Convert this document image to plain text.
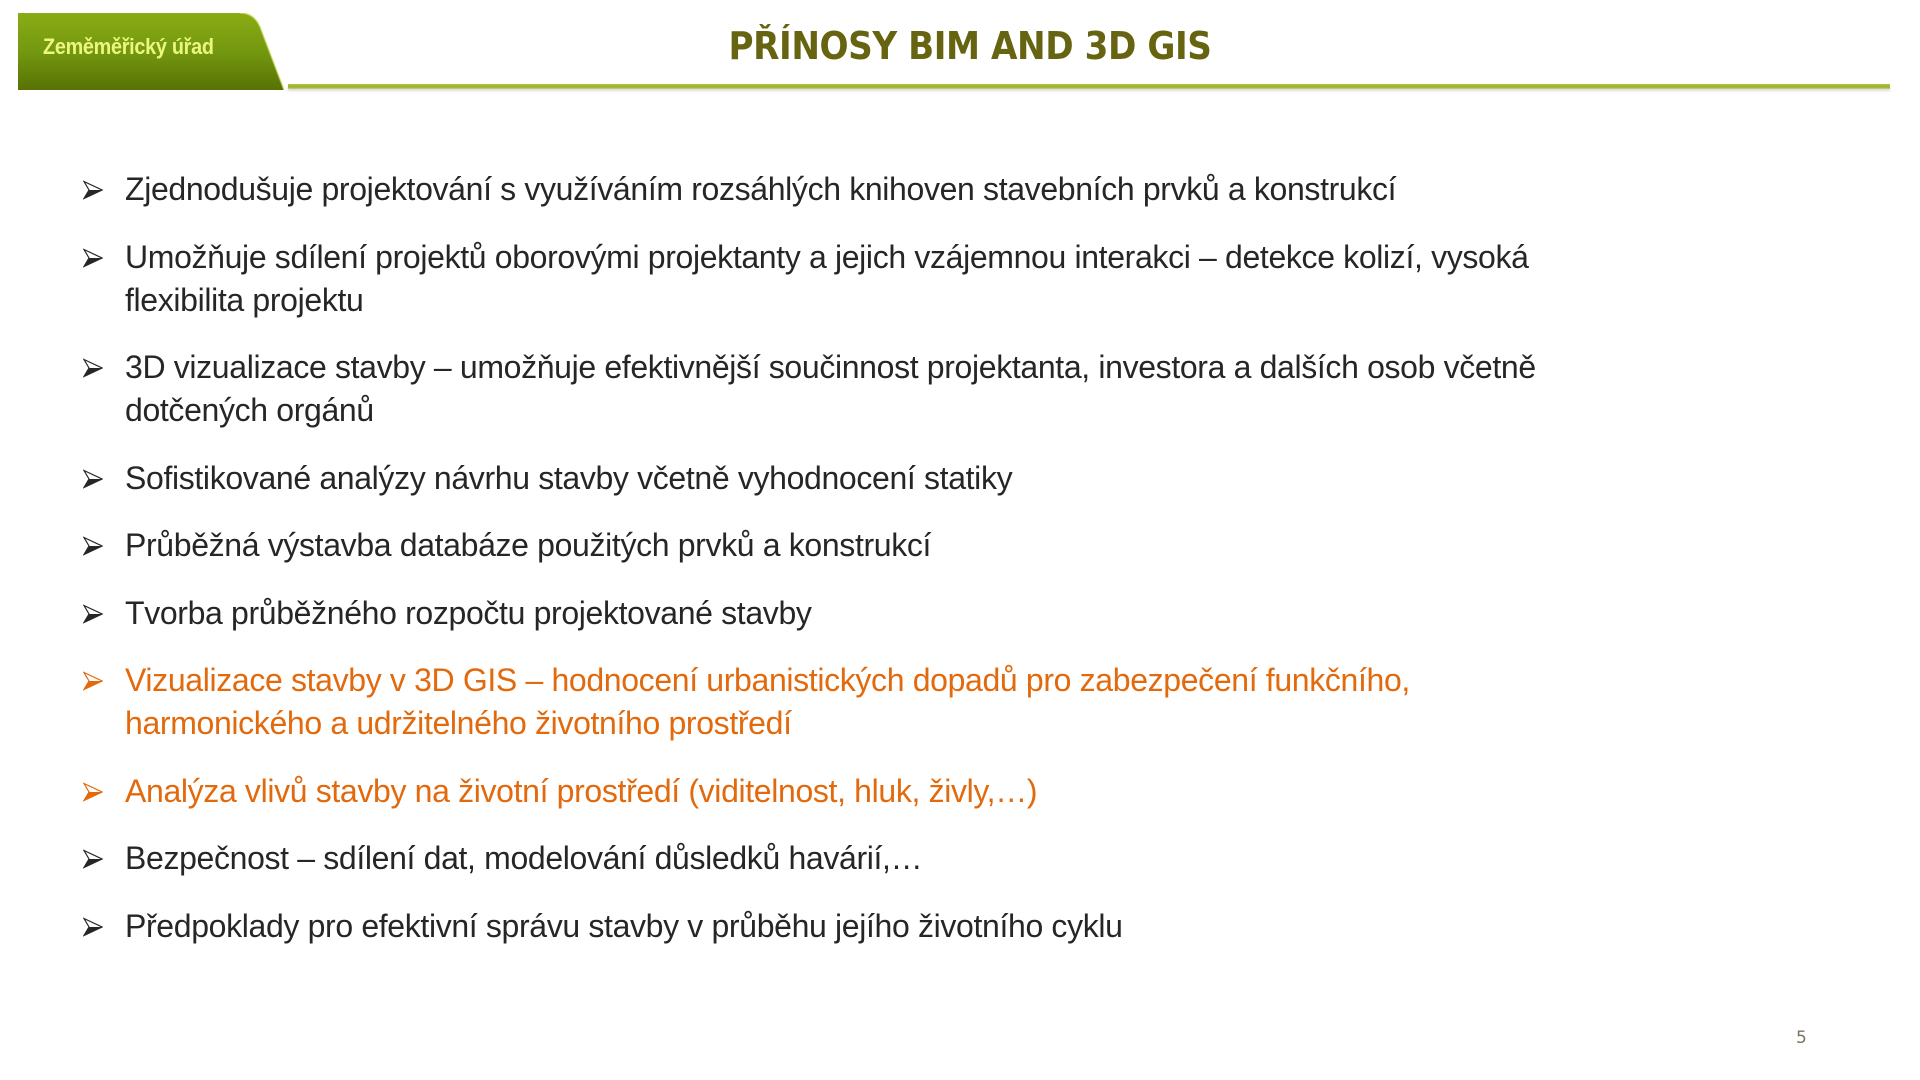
Zeměměřický úřad	PŘÍNOSY BIM AND 3D GIS
Zjednodušuje projektování s využíváním rozsáhlých knihoven stavebních prvků a konstrukcí
Umožňuje sdílení projektů oborovými projektanty a jejich vzájemnou interakci – detekce kolizí, vysoká
flexibilita projektu
3D vizualizace stavby – umožňuje efektivnější součinnost projektanta, investora a dalších osob včetně
dotčených orgánů
Sofistikované analýzy návrhu stavby včetně vyhodnocení statiky
Průběžná výstavba databáze použitých prvků a konstrukcí
Tvorba průběžného rozpočtu projektované stavby
Vizualizace stavby v 3D GIS – hodnocení urbanistických dopadů pro zabezpečení funkčního,
harmonického a udržitelného životního prostředí
Analýza vlivů stavby na životní prostředí (viditelnost, hluk, živly,…)
Bezpečnost – sdílení dat, modelování důsledků havárií,…
Předpoklady pro efektivní správu stavby v průběhu jejího životního cyklu
5
